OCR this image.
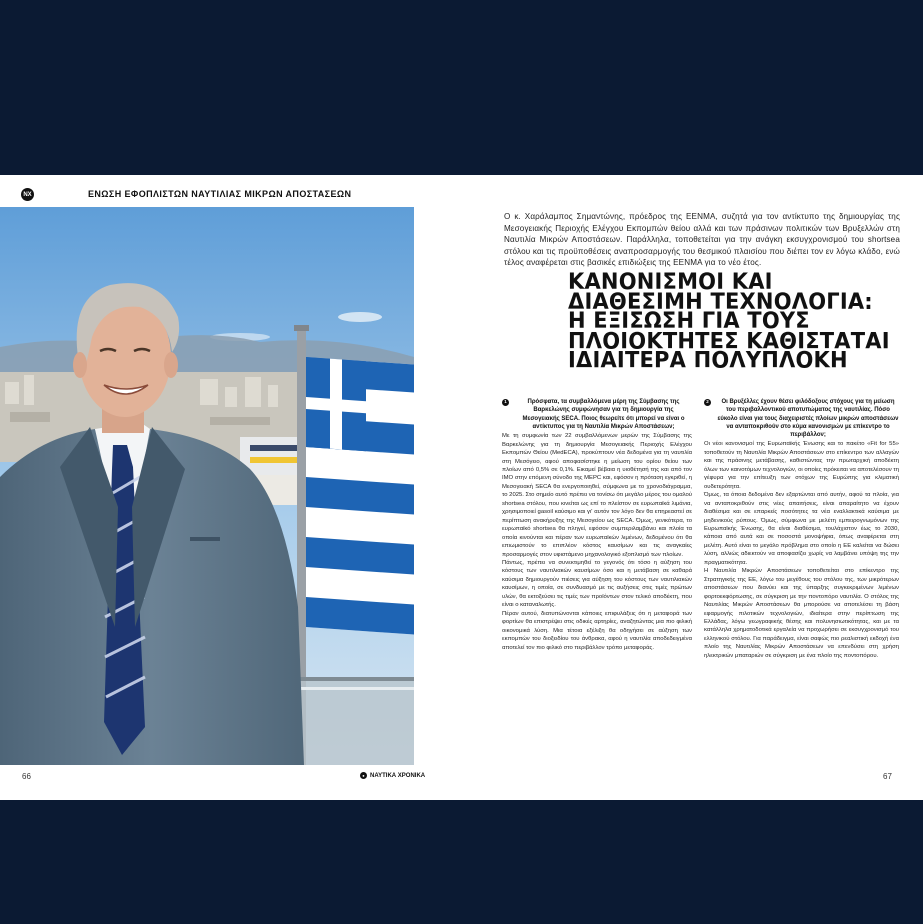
ΝΧ	ΕΝΩΣΗ ΕΦΟΠΛΙΣΤΩΝ ΝΑΥΤΙΛΙΑΣ ΜΙΚΡΩΝ ΑΠΟΣΤΑΣΕΩΝ
66	● ΝΑΥΤΙΚΑ ΧΡΟΝΙΚΑ
Ο κ. Χαράλαμπος Σημαντώνης, πρόεδρος της ΕΕΝΜΑ, συζητά για τον αντίκτυπο της δημιουργίας της Μεσογειακής Περιοχής Ελέγχου Εκπομπών θείου αλλά και των πράσινων πολιτικών των Βρυξελλών στη Ναυτιλία Μικρών Αποστάσεων. Παράλληλα, τοποθετείται για την ανάγκη εκσυγχρονισμού του shortsea στόλου και τις προϋποθέσεις αναπροσαρμογής του θεσμικού πλαισίου που διέπει τον εν λόγω κλάδο, ενώ τέλος αναφέρεται στις βασικές επιδιώξεις της ΕΕΝΜΑ για το νέο έτος.
ΚΑΝΟΝΙΣΜΟΙ ΚΑΙ
ΔΙΑΘΕΣΙΜΗ ΤΕΧΝΟΛΟΓΙΑ:
Η ΕΞΙΣΩΣΗ ΓΙΑ ΤΟΥΣ
ΠΛΟΙΟΚΤΗΤΕΣ ΚΑΘΙΣΤΑΤΑΙ
ΙΔΙΑΙΤΕΡΑ ΠΟΛΥΠΛΟΚΗ
1	Πρόσφατα, τα συμβαλλόμενα μέρη της Σύμβασης της Βαρκελώνης συμφώνησαν για τη δημιουργία της Μεσογειακής SECA. Ποιος θεωρείτε ότι μπορεί να είναι ο αντίκτυπος για τη Ναυτιλία Μικρών Αποστάσεων;

Με τη συμφωνία των 22 συμβαλλόμενων μερών της Σύμβασης της Βαρκελώνης για τη δημιουργία Μεσογειακής Περιοχής Ελέγχου Εκπομπών Θείου (MedECA), προκύπτουν νέα δεδομένα για τη ναυτιλία στη Μεσόγειο, αφού αποφασίστηκε η μείωση του ορίου θείου των πλοίων από 0,5% σε 0,1%. Εικαμεί βέβαια η υιοθέτησή της και από τον IMO στην επόμενη σύνοδο της MEPC και, εφόσον η πρόταση εγκριθεί, η Μεσογειακή SECA θα ενεργοποιηθεί, σύμφωνα με το χρονοδιάγραμμα, το 2025. Στο σημείο αυτό πρέπει να τονίσω ότι μεγάλο μέρος του ομαλού shortsea στόλου, που κινείται ως επί το πλείστον σε ευρωπαϊκά λιμάνια, χρησιμοποιεί gasoil καύσιμο και γι' αυτόν τον λόγο δεν θα επηρεαστεί σε περίπτωση ανακήρυξης της Μεσογείου ως SECA. Όμως, γενικότερα, το ευρωπαϊκό shortsea θα πληγεί, εφόσον συμπεριλαμβάνει και πλοία τα οποία κινούνται και πέραν των ευρωπαϊκών λιμένων, δεδομένου ότι θα επιωμιστούν το επιπλέον κόστος καυσίμων και τις αναγκαίες προσαρμογές στον υφιστάμενο μηχανολογικό εξοπλισμό των πλοίων.

Πάντως, πρέπει να συνεκτιμηθεί το γεγονός ότι τόσο η αύξηση του κόστους των ναυτιλιακών καυσίμων όσο και η μετάβαση σε καθαρά καύσιμα δημιουργούν πιέσεις για αύξηση του κόστους των ναυτιλιακών καυσίμων, η οποία, σε συνδυασμό με τις αυξήσεις στις τιμές πρώτων υλών, θα εκτοξεύσει τις τιμές των προϊόντων στον τελικό αποδέκτη, που είναι ο καταναλωτής.

Πέραν αυτού, διατυπώνονται κάποιες επιφυλάξεις ότι η μεταφορά των φορτίων θα επιστρέψει στις οδικές αρτηρίες, αναζητώντας μια πιο φιλική οικονομικά λύση. Μια τέτοια εξέλιξη θα οδηγήσει σε αύξηση των εκπομπών του διοξειδίου του άνθρακα, αφού η ναυτιλία αποδεδειγμένα αποτελεί τον πιο φιλικό στο περιβάλλον τρόπο μεταφοράς.

2	Οι Βρυξέλλες έχουν θέσει φιλόδοξους στόχους για τη μείωση του περιβαλλοντικού αποτυπώματος της ναυτιλίας. Πόσο εύκολο είναι για τους διαχειριστές πλοίων μικρών αποστάσεων να ανταποκριθούν στο κύμα κανονισμών με επίκεντρο το περιβάλλον;

Οι νέοι κανονισμοί της Ευρωπαϊκής Ένωσης και το πακέτο «Fit for 55» τοποθετούν τη Ναυτιλία Μικρών Αποστάσεων στο επίκεντρο των αλλαγών και της πράσινης μετάβασης, καθιστώντας την πρωταρχική αποδέκτη όλων των καινοτόμων τεχνολογιών, οι οποίες πρόκειται να αποτελέσουν τη γέφυρα για την επίτευξη των στόχων της Ευρώπης για κλιματική ουδετερότητα.

Όμως, τα όποια δεδομένα δεν εξαρτώνται από αυτήν, αφού τα πλοία, για να ανταποκριθούν στις νέες απαιτήσεις, είναι απαραίτητο να έχουν διαθέσιμα και σε επαρκείς ποσότητες τα νέα εναλλακτικά καύσιμα με μηδενικούς ρύπους. Όμως, σύμφωνα με μελέτη εμπειρογνωμόνων της Ευρωπαϊκής Ένωσης, θα είναι διαθέσιμα, τουλάχιστον έως το 2030, κάποια από αυτά και σε ποσοστά μονοψήφια, όπως αναφέρεται στη μελέτη. Αυτό είναι το μεγάλο πρόβλημα στο οποίο η ΕΕ καλείται να δώσει λύση, αλλιώς αδιεκτούν να αποφασίζει χωρίς να λαμβάνει υπόψη της την πραγματικότητα.

Η Ναυτιλία Μικρών Αποστάσεων τοποθετείται στο επίκεντρο της Στρατηγικής της ΕΕ, λόγω του μεγέθους του στόλου της, των μικρότερων αποστάσεων που διανύει και της ύπαρξης συγκεκριμένων λιμένων φορτοεκφόρτωσης, σε σύγκριση με την ποντοπόρο ναυτιλία. Ο στόλος της Ναυτιλίας Μικρών Αποστάσεων θα μπορούσε να αποτελέσει τη βάση εφαρμογής πιλοτικών τεχνολογιών, ιδιαίτερα στην περίπτωση της Ελλάδας, λόγω γεωγραφικής θέσης και πολυνησιωτικότητας, και με τα κατάλληλα χρηματοδοτικά εργαλεία να προχωρήσει σε εκσυγχρονισμό του ελληνικού στόλου. Για παράδειγμα, είναι σαφώς πιο ρεαλιστική εκδοχή ένα πλοίο της Ναυτιλίας Μικρών Αποστάσεων να επενδύσει στη χρήση ηλεκτρικών μπαταριών σε σύγκριση με ένα πλοίο της ποντοπόρου.

67
